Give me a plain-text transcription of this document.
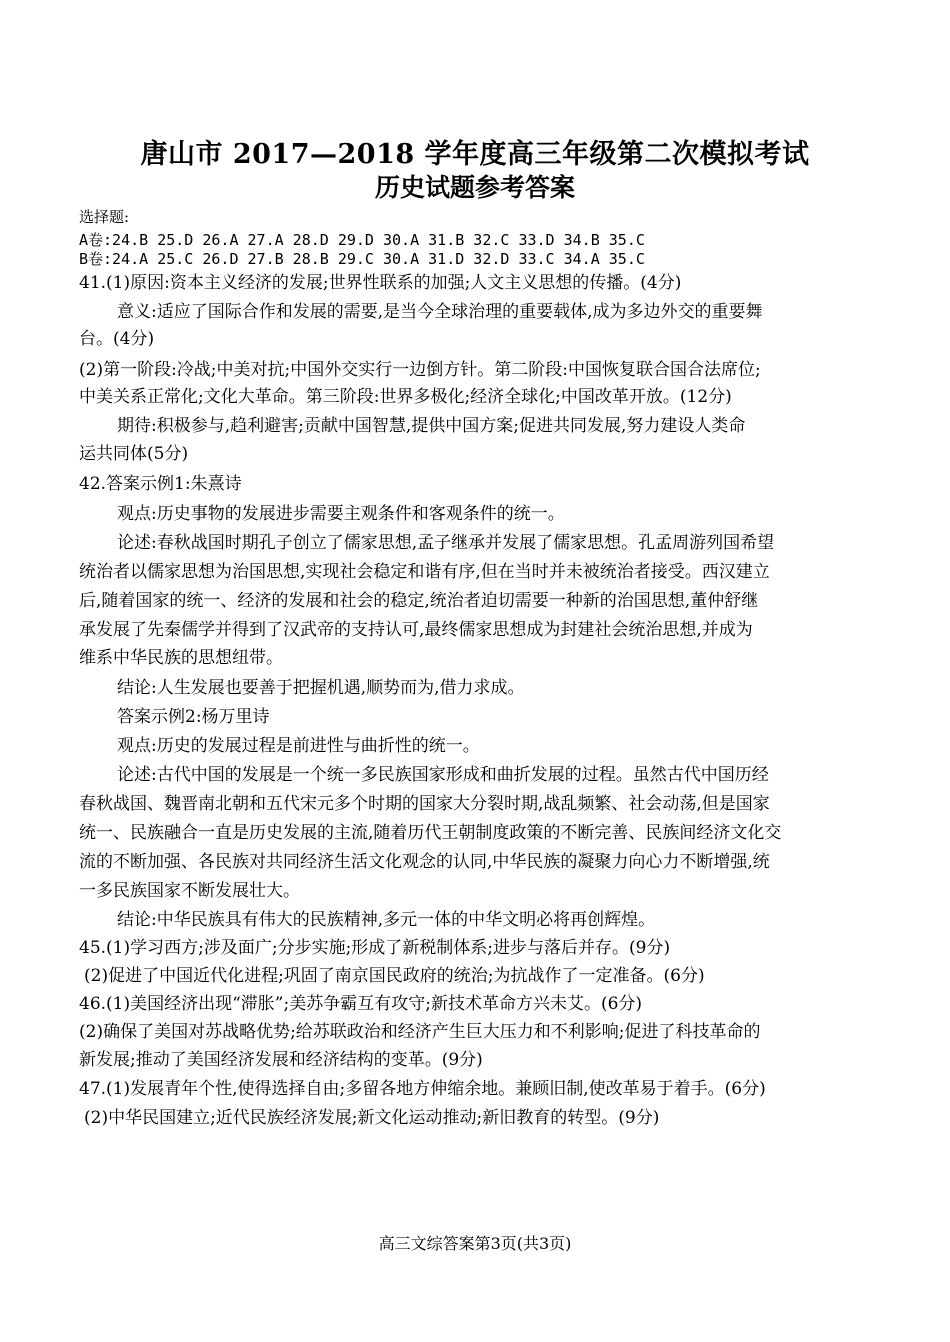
唐山市 2017—2018 学年度高三年级第二次模拟考试
历史试题参考答案
选择题:
A卷:24.B 25.D 26.A 27.A 28.D 29.D 30.A 31.B 32.C 33.D 34.B 35.C
B卷:24.A 25.C 26.D 27.B 28.B 29.C 30.A 31.D 32.D 33.C 34.A 35.C
41.(1)原因:资本主义经济的发展;世界性联系的加强;人文主义思想的传播。(4分)
意义:适应了国际合作和发展的需要,是当今全球治理的重要载体,成为多边外交的重要舞
台。(4分)
(2)第一阶段:冷战;中美对抗;中国外交实行一边倒方针。第二阶段:中国恢复联合国合法席位;
中美关系正常化;文化大革命。第三阶段:世界多极化;经济全球化;中国改革开放。(12分)
期待:积极参与,趋利避害;贡献中国智慧,提供中国方案;促进共同发展,努力建设人类命
运共同体(5分)
42.答案示例1:朱熹诗
观点:历史事物的发展进步需要主观条件和客观条件的统一。
论述:春秋战国时期孔子创立了儒家思想,孟子继承并发展了儒家思想。孔孟周游列国希望
统治者以儒家思想为治国思想,实现社会稳定和谐有序,但在当时并未被统治者接受。西汉建立
后,随着国家的统一、经济的发展和社会的稳定,统治者迫切需要一种新的治国思想,董仲舒继
承发展了先秦儒学并得到了汉武帝的支持认可,最终儒家思想成为封建社会统治思想,并成为
维系中华民族的思想纽带。
结论:人生发展也要善于把握机遇,顺势而为,借力求成。
答案示例2:杨万里诗
观点:历史的发展过程是前进性与曲折性的统一。
论述:古代中国的发展是一个统一多民族国家形成和曲折发展的过程。虽然古代中国历经
春秋战国、魏晋南北朝和五代宋元多个时期的国家大分裂时期,战乱频繁、社会动荡,但是国家
统一、民族融合一直是历史发展的主流,随着历代王朝制度政策的不断完善、民族间经济文化交
流的不断加强、各民族对共同经济生活文化观念的认同,中华民族的凝聚力向心力不断增强,统
一多民族国家不断发展壮大。
结论:中华民族具有伟大的民族精神,多元一体的中华文明必将再创辉煌。
45.(1)学习西方;涉及面广;分步实施;形成了新税制体系;进步与落后并存。(9分)
(2)促进了中国近代化进程;巩固了南京国民政府的统治;为抗战作了一定准备。(6分)
46.(1)美国经济出现“滞胀”;美苏争霸互有攻守;新技术革命方兴未艾。(6分)
(2)确保了美国对苏战略优势;给苏联政治和经济产生巨大压力和不利影响;促进了科技革命的
新发展;推动了美国经济发展和经济结构的变革。(9分)
47.(1)发展青年个性,使得选择自由;多留各地方伸缩余地。兼顾旧制,使改革易于着手。(6分)
(2)中华民国建立;近代民族经济发展;新文化运动推动;新旧教育的转型。(9分)
高三文综答案第3页(共3页)
